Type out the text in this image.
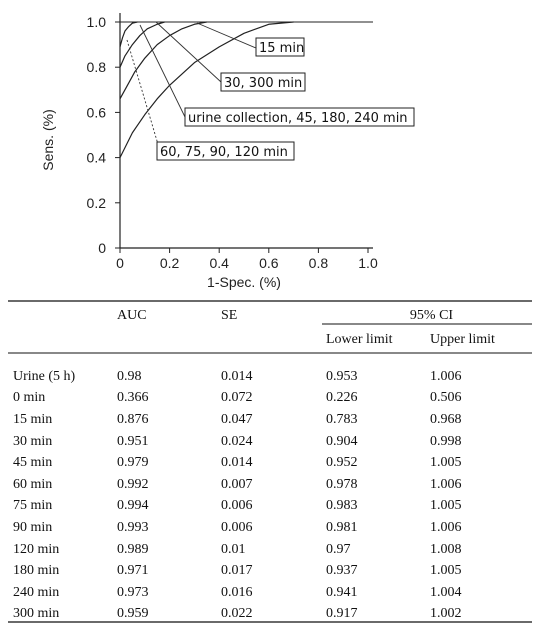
0
0
0.2
0.2
0.4
0.4
0.6
0.6
0.8
0.8
1.0
1.0
Sens. (%)
1-Spec. (%)
15 min
30, 300 min
urine collection, 45, 180, 240 min
60, 75, 90, 120 min
	AUC	SE	95% CI	
			Lower limit	Upper limit
Urine (5 h)	0.98	0.014	0.953	1.006
0 min	0.366	0.072	0.226	0.506
15 min	0.876	0.047	0.783	0.968
30 min	0.951	0.024	0.904	0.998
45 min	0.979	0.014	0.952	1.005
60 min	0.992	0.007	0.978	1.006
75 min	0.994	0.006	0.983	1.005
90 min	0.993	0.006	0.981	1.006
120 min	0.989	0.01	0.97	1.008
180 min	0.971	0.017	0.937	1.005
240 min	0.973	0.016	0.941	1.004
300 min	0.959	0.022	0.917	1.002
